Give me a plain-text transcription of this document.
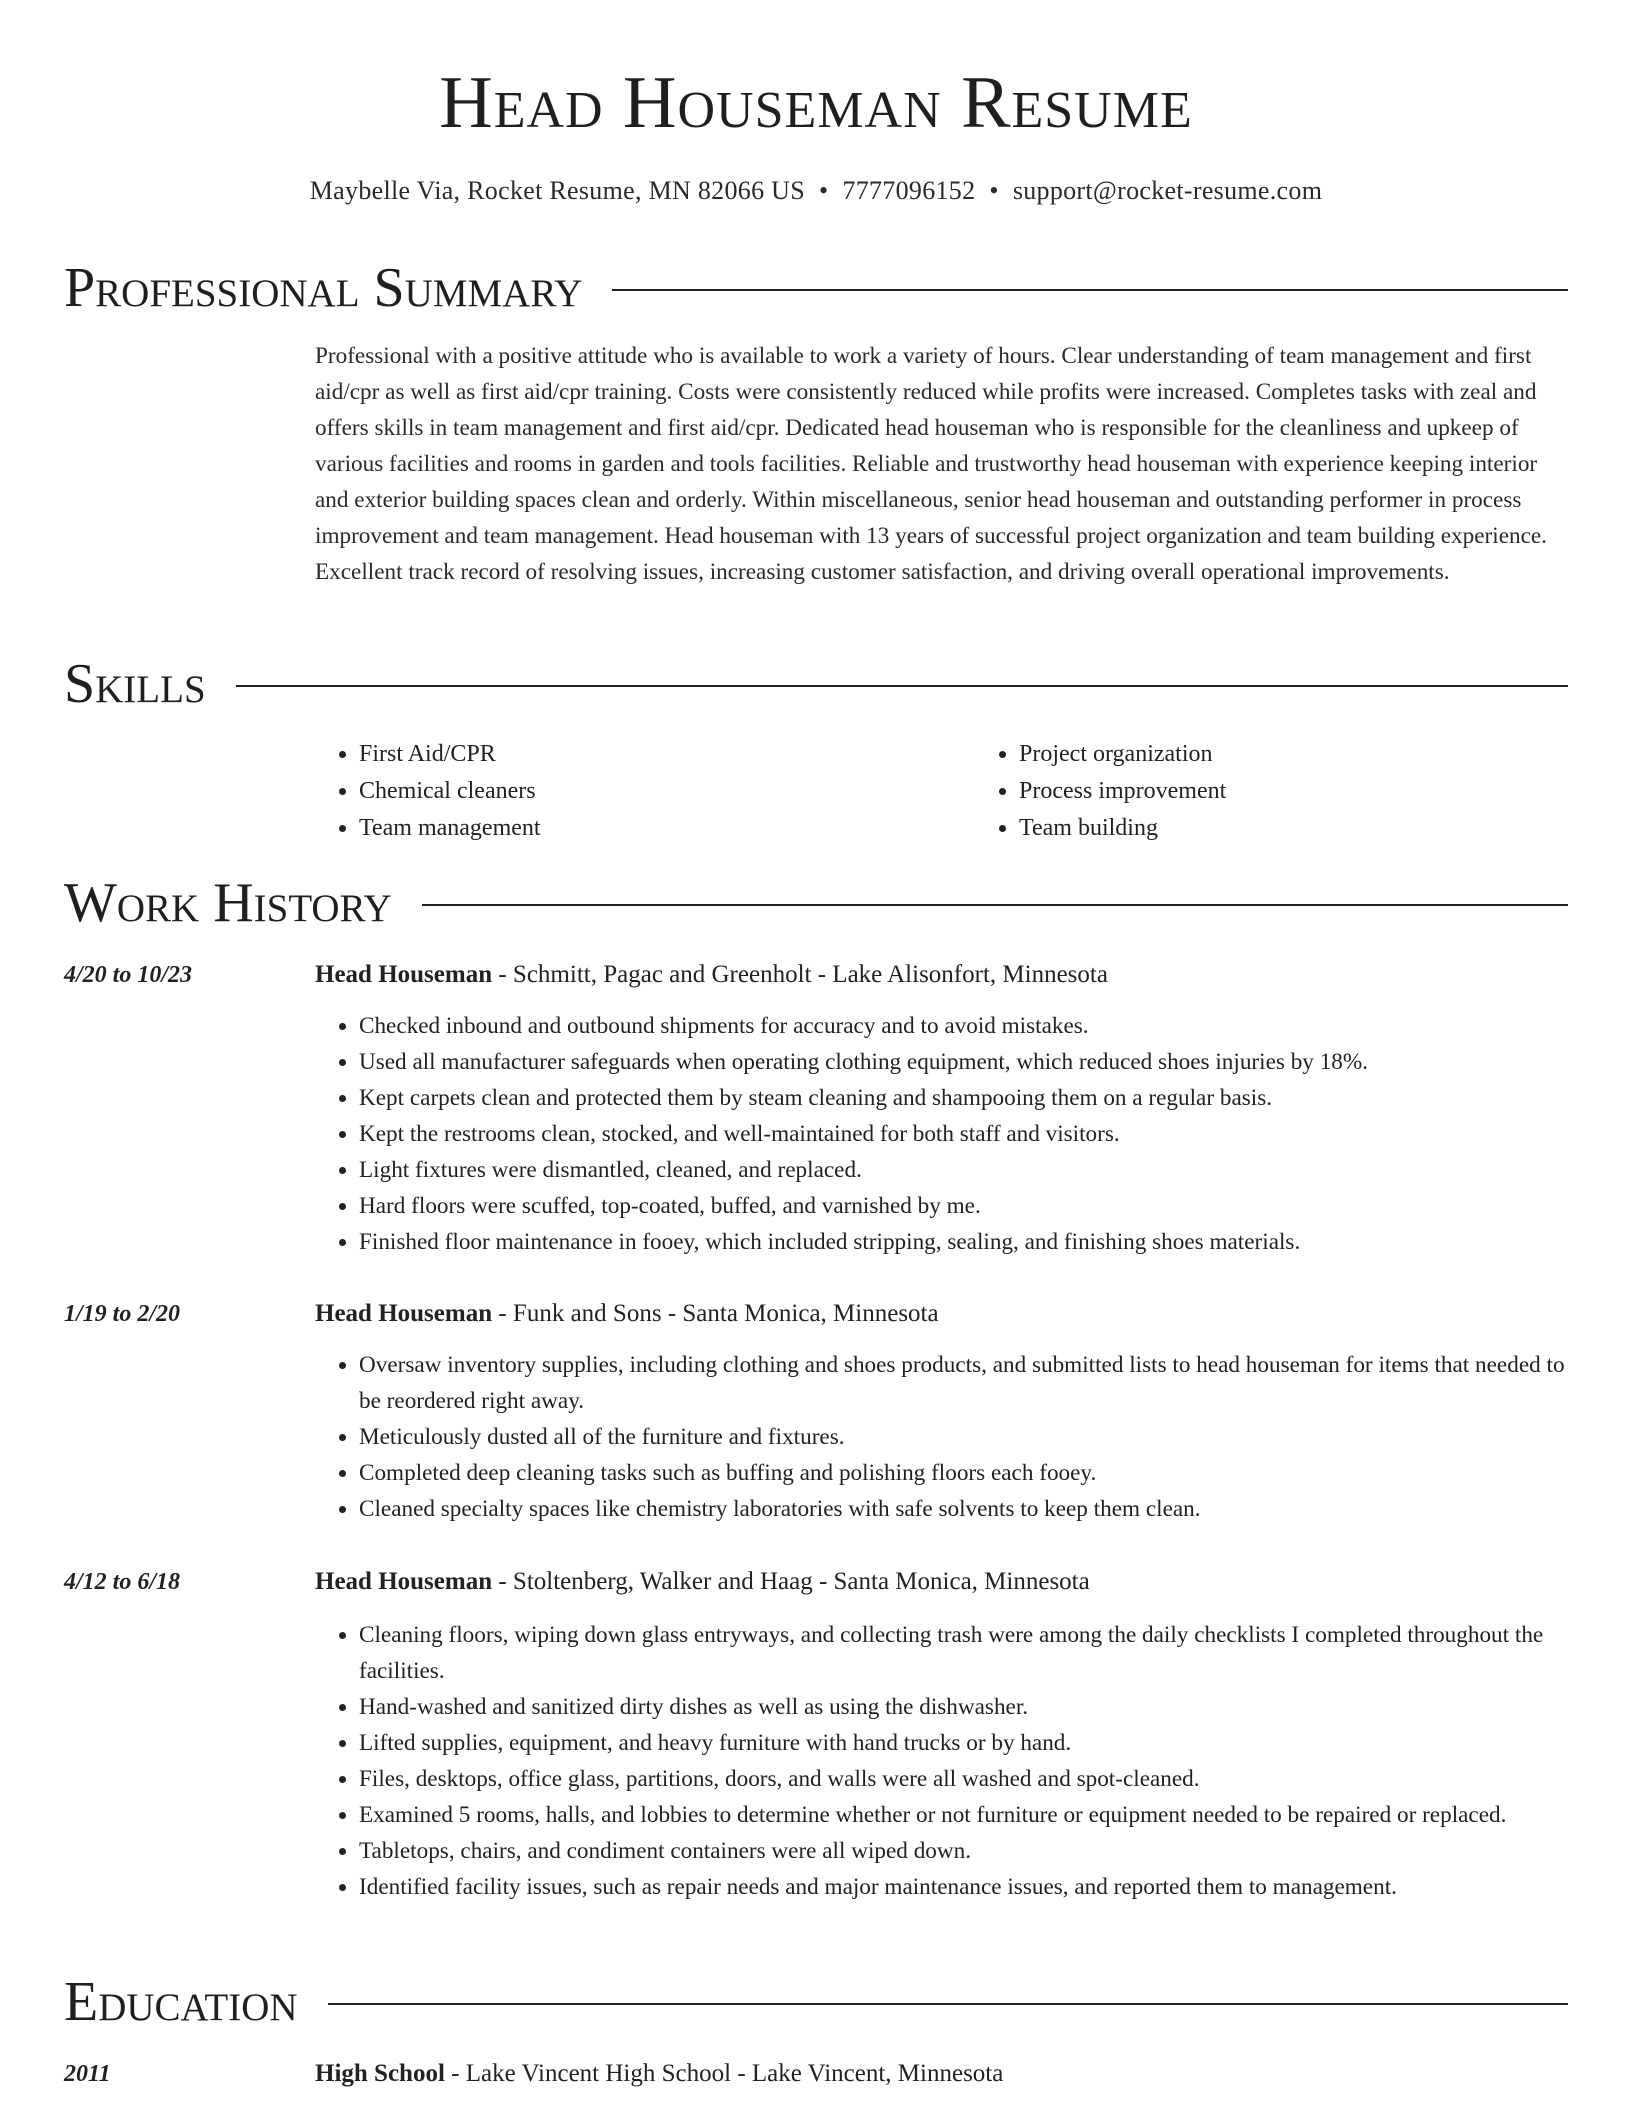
Head Houseman Resume
Maybelle Via, Rocket Resume, MN 82066 US • 7777096152 • support@rocket-resume.com
Professional Summary
Professional with a positive attitude who is available to work a variety of hours. Clear understanding of team management and first aid/cpr as well as first aid/cpr training. Costs were consistently reduced while profits were increased. Completes tasks with zeal and offers skills in team management and first aid/cpr. Dedicated head houseman who is responsible for the cleanliness and upkeep of various facilities and rooms in garden and tools facilities. Reliable and trustworthy head houseman with experience keeping interior and exterior building spaces clean and orderly. Within miscellaneous, senior head houseman and outstanding performer in process improvement and team management. Head houseman with 13 years of successful project organization and team building experience. Excellent track record of resolving issues, increasing customer satisfaction, and driving overall operational improvements.
Skills
• First Aid/CPR
• Chemical cleaners
• Team management
• Project organization
• Process improvement
• Team building
Work History
4/20 to 10/23	Head Houseman - Schmitt, Pagac and Greenholt - Lake Alisonfort, Minnesota
• Checked inbound and outbound shipments for accuracy and to avoid mistakes.
• Used all manufacturer safeguards when operating clothing equipment, which reduced shoes injuries by 18%.
• Kept carpets clean and protected them by steam cleaning and shampooing them on a regular basis.
• Kept the restrooms clean, stocked, and well-maintained for both staff and visitors.
• Light fixtures were dismantled, cleaned, and replaced.
• Hard floors were scuffed, top-coated, buffed, and varnished by me.
• Finished floor maintenance in fooey, which included stripping, sealing, and finishing shoes materials.
1/19 to 2/20	Head Houseman - Funk and Sons - Santa Monica, Minnesota
• Oversaw inventory supplies, including clothing and shoes products, and submitted lists to head houseman for items that needed to be reordered right away.
• Meticulously dusted all of the furniture and fixtures.
• Completed deep cleaning tasks such as buffing and polishing floors each fooey.
• Cleaned specialty spaces like chemistry laboratories with safe solvents to keep them clean.
4/12 to 6/18	Head Houseman - Stoltenberg, Walker and Haag - Santa Monica, Minnesota
• Cleaning floors, wiping down glass entryways, and collecting trash were among the daily checklists I completed throughout the facilities.
• Hand-washed and sanitized dirty dishes as well as using the dishwasher.
• Lifted supplies, equipment, and heavy furniture with hand trucks or by hand.
• Files, desktops, office glass, partitions, doors, and walls were all washed and spot-cleaned.
• Examined 5 rooms, halls, and lobbies to determine whether or not furniture or equipment needed to be repaired or replaced.
• Tabletops, chairs, and condiment containers were all wiped down.
• Identified facility issues, such as repair needs and major maintenance issues, and reported them to management.
Education
2011	High School - Lake Vincent High School - Lake Vincent, Minnesota
